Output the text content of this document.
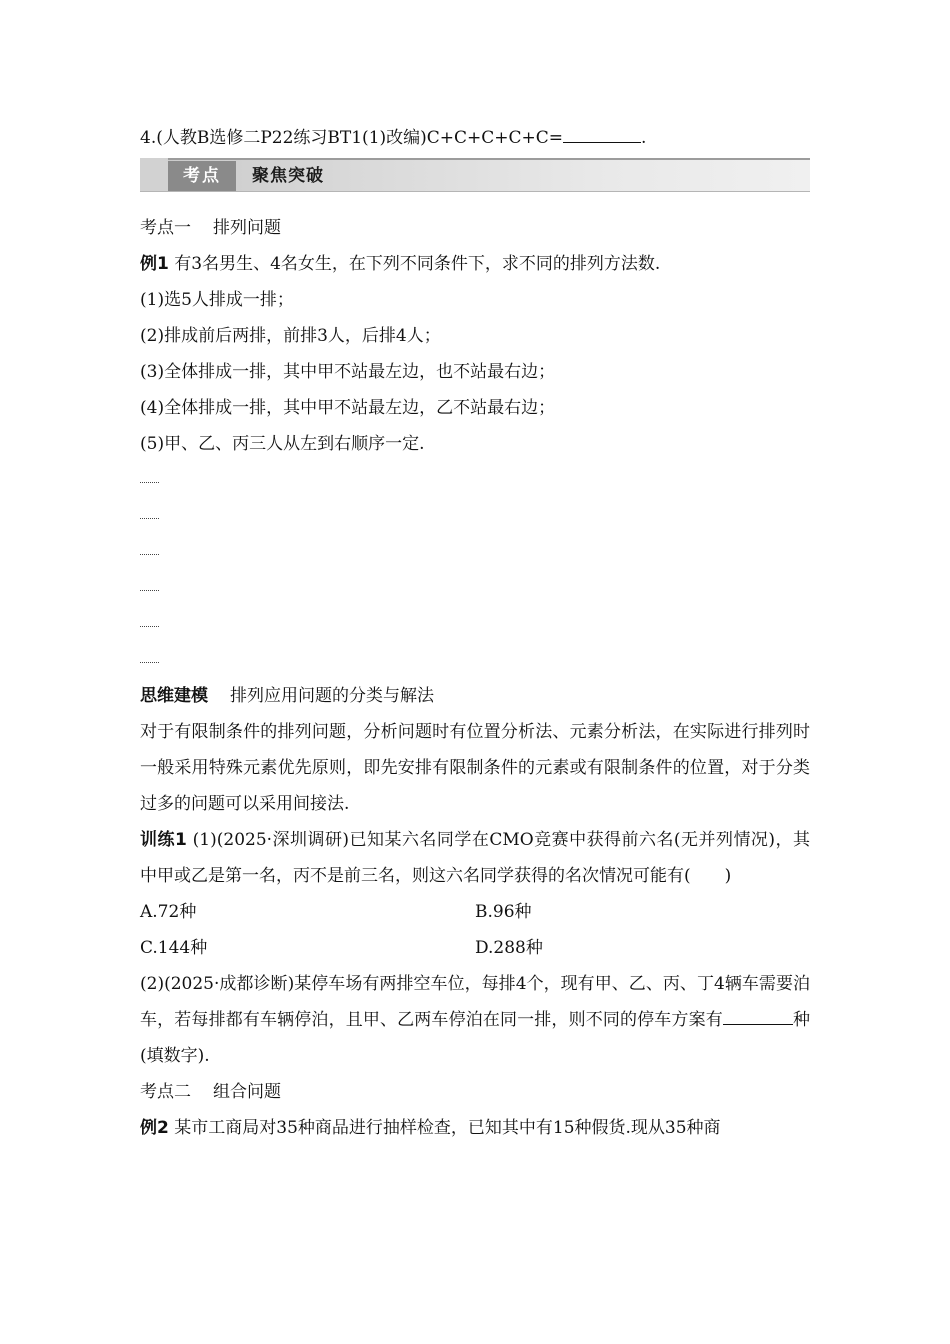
4.(人教B选修二P22练习BT1(1)改编)C+C+C+C+C=	.
考点	聚焦突破
考点一 排列问题
例1 有3名男生、4名女生，在下列不同条件下，求不同的排列方法数.
(1)选5人排成一排；
(2)排成前后两排，前排3人，后排4人；
(3)全体排成一排，其中甲不站最左边，也不站最右边；
(4)全体排成一排，其中甲不站最左边，乙不站最右边；
(5)甲、乙、丙三人从左到右顺序一定.
思维建模 排列应用问题的分类与解法
对于有限制条件的排列问题，分析问题时有位置分析法、元素分析法，在实际进行排列时一般采用特殊元素优先原则，即先安排有限制条件的元素或有限制条件的位置，对于分类过多的问题可以采用间接法.
训练1 (1)(2025·深圳调研)已知某六名同学在CMO竞赛中获得前六名(无并列情况)，其中甲或乙是第一名，丙不是前三名，则这六名同学获得的名次情况可能有(　　)
A.72种	B.96种
C.144种	D.288种
(2)(2025·成都诊断)某停车场有两排空车位，每排4个，现有甲、乙、丙、丁4辆车需要泊车，若每排都有车辆停泊，且甲、乙两车停泊在同一排，则不同的停车方案有	种(填数字).
考点二 组合问题
例2 某市工商局对35种商品进行抽样检查，已知其中有15种假货.现从35种商
